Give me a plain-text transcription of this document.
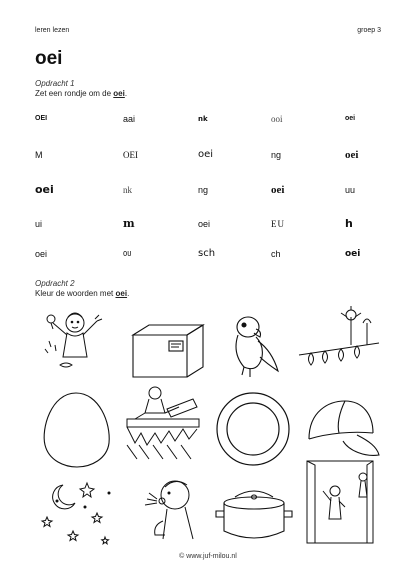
leren lezen	groep 3
oei
Opdracht 1
Zet een rondje om de oei.
OEI	aai	nk	ooi	oei
M	OEI	oei	ng	oei
oei	nk	ng	oei	uu
ui	m	oei	EU	h
oei	OU	sch	ch	oei
Opdracht 2
Kleur de woorden met oei.
© www.juf-milou.nl
